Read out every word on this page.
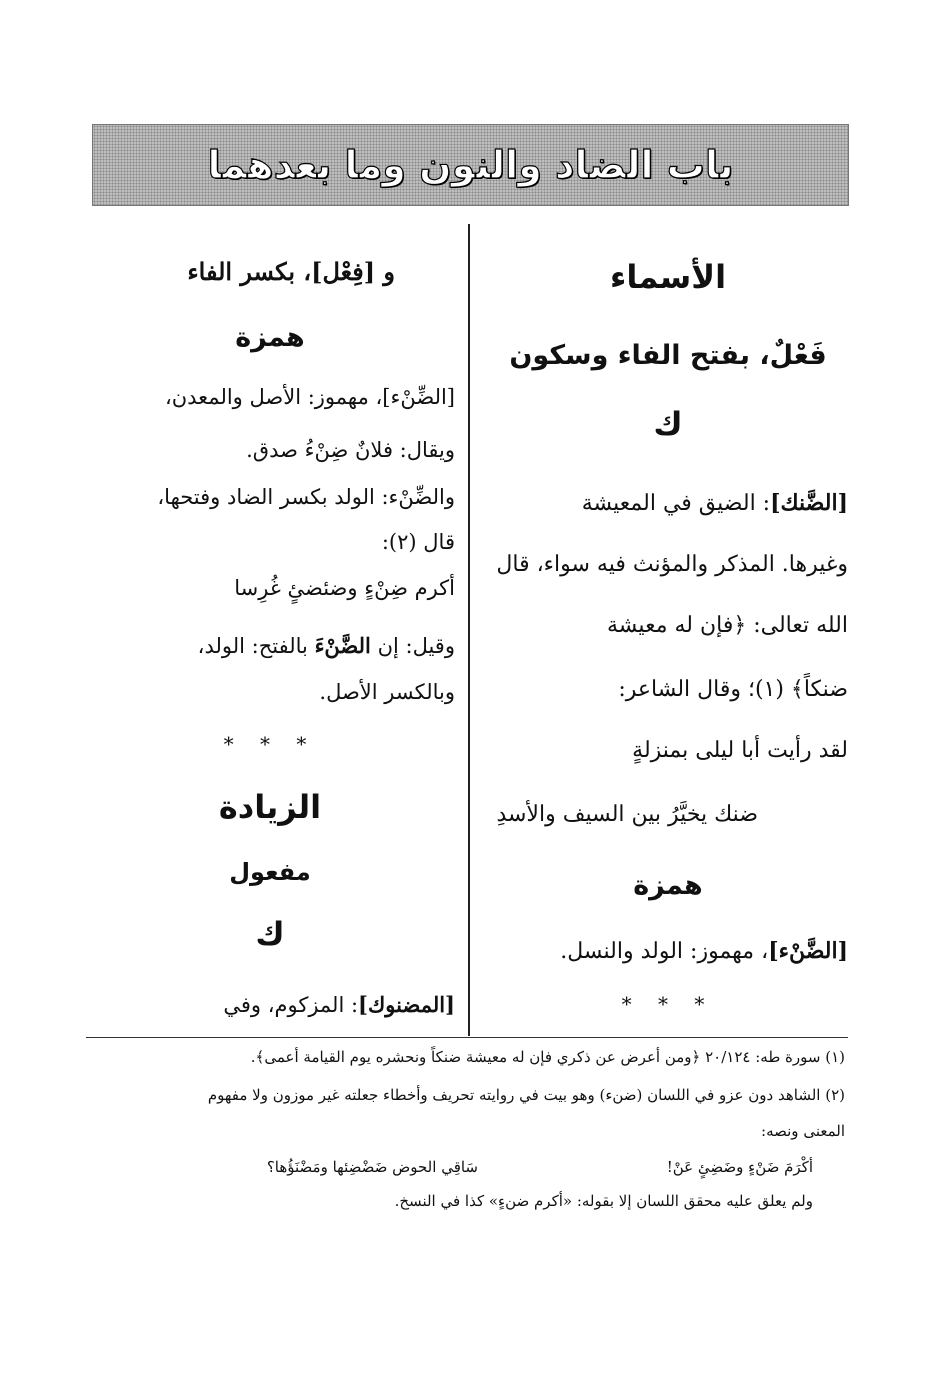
باب الضاد والنون وما بعدهما
الأسماء
فَعْلٌ، بفتح الفاء وسكون
ك
[الضَّنك]: الضيق في المعيشة
وغيرها. المذكر والمؤنث فيه سواء، قال
الله تعالى: ﴿فإن له معيشة
ضنكاً﴾ (١)؛ وقال الشاعر:
لقد رأيت أبا ليلى بمنزلةٍ
ضنك يخيَّرُ بين السيف والأسدِ
همزة
[الضَّنْء]، مهموز: الولد والنسل.
* * *
و [فِعْل]، بكسر الفاء
همزة
[الضِّنْء]، مهموز: الأصل والمعدن،
ويقال: فلانٌ ضِنْءُ صدق.
والضِّنْء: الولد بكسر الضاد وفتحها،
قال (٢):
أكرم ضِنْءٍ وضئضئٍ غُرِسا
وقيل: إن الضَّنْءَ بالفتح: الولد،
وبالكسر الأصل.
* * *
الزيادة
مفعول
ك
[المضنوك]: المزكوم، وفي
(١) سورة طه: ٢٠/١٢٤ ﴿ومن أعرض عن ذكري فإن له معيشة ضنكاً ونحشره يوم القيامة أعمى﴾.
(٢) الشاهد دون عزو في اللسان (ضنء) وهو بيت في روايته تحريف وأخطاء جعلته غير موزون ولا مفهوم
المعنى ونصه:
أكْرَمَ ضَنْءٍ وضَضِئٍ عَنْ!
سَاقِي الحوض ضَضْضِئها ومَضْنَؤُها؟
ولم يعلق عليه محقق اللسان إلا بقوله: «أكرم ضنءٍ» كذا في النسخ.
